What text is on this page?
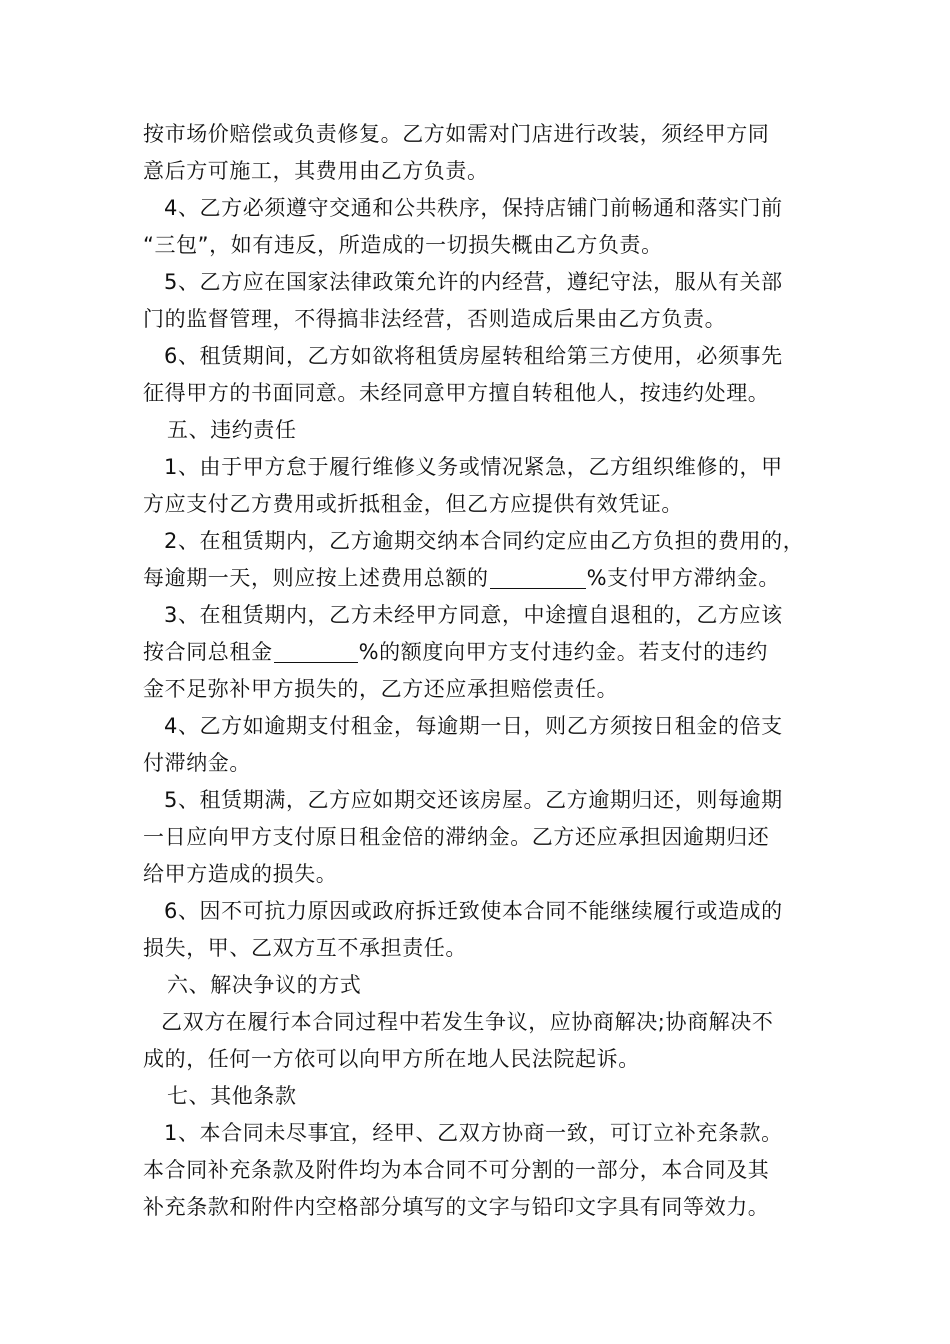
按市场价赔偿或负责修复。乙方如需对门店进行改装，须经甲方同
意后方可施工，其费用由乙方负责。
4、乙方必须遵守交通和公共秩序，保持店铺门前畅通和落实门前
“三包”，如有违反，所造成的一切损失概由乙方负责。
5、乙方应在国家法律政策允许的内经营，遵纪守法，服从有关部
门的监督管理，不得搞非法经营，否则造成后果由乙方负责。
6、租赁期间，乙方如欲将租赁房屋转租给第三方使用，必须事先
征得甲方的书面同意。未经同意甲方擅自转租他人，按违约处理。
五、违约责任
1、由于甲方怠于履行维修义务或情况紧急，乙方组织维修的，甲
方应支付乙方费用或折抵租金，但乙方应提供有效凭证。
2、在租赁期内，乙方逾期交纳本合同约定应由乙方负担的费用的，
每逾期一天，则应按上述费用总额的	%支付甲方滞纳金。
3、在租赁期内，乙方未经甲方同意，中途擅自退租的，乙方应该
按合同总租金	%的额度向甲方支付违约金。若支付的违约
金不足弥补甲方损失的，乙方还应承担赔偿责任。
4、乙方如逾期支付租金，每逾期一日，则乙方须按日租金的倍支
付滞纳金。
5、租赁期满，乙方应如期交还该房屋。乙方逾期归还，则每逾期
一日应向甲方支付原日租金倍的滞纳金。乙方还应承担因逾期归还
给甲方造成的损失。
6、因不可抗力原因或政府拆迁致使本合同不能继续履行或造成的
损失，甲、乙双方互不承担责任。
六、解决争议的方式
乙双方在履行本合同过程中若发生争议，应协商解决;协商解决不
成的，任何一方依可以向甲方所在地人民法院起诉。
七、其他条款
1、本合同未尽事宜，经甲、乙双方协商一致，可订立补充条款。
本合同补充条款及附件均为本合同不可分割的一部分，本合同及其
补充条款和附件内空格部分填写的文字与铅印文字具有同等效力。
